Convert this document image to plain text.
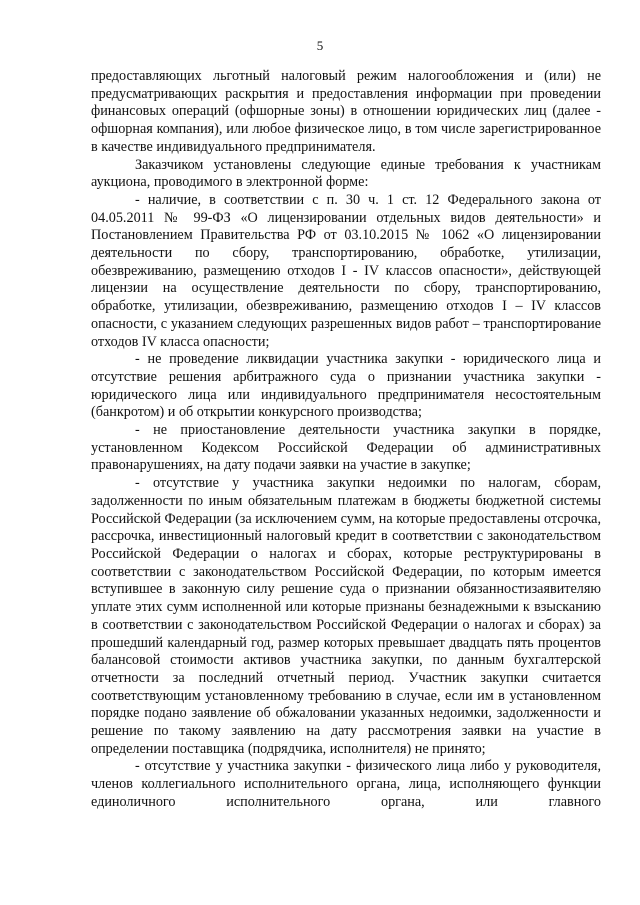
5

предоставляющих льготный налоговый режим налогообложения и (или) не предусматривающих раскрытия и предоставления информации при проведении финансовых операций (офшорные зоны) в отношении юридических лиц (далее - офшорная компания), или любое физическое лицо, в том числе зарегистрированное в качестве индивидуального предпринимателя.

Заказчиком установлены следующие единые требования к участникам аукциона, проводимого в электронной форме:

- наличие, в соответствии с п. 30 ч. 1 ст. 12 Федерального закона от 04.05.2011 № 99-ФЗ «О лицензировании отдельных видов деятельности» и Постановлением Правительства РФ от 03.10.2015 № 1062 «О лицензировании деятельности по сбору, транспортированию, обработке, утилизации, обезвреживанию, размещению отходов I - IV классов опасности», действующей лицензии на осуществление деятельности по сбору, транспортированию, обработке, утилизации, обезвреживанию, размещению отходов I – IV классов опасности, с указанием следующих разрешенных видов работ – транспортирование отходов IV класса опасности;

- не проведение ликвидации участника закупки - юридического лица и отсутствие решения арбитражного суда о признании участника закупки - юридического лица или индивидуального предпринимателя несостоятельным (банкротом) и об открытии конкурсного производства;

- не приостановление деятельности участника закупки в порядке, установленном Кодексом Российской Федерации об административных правонарушениях, на дату подачи заявки на участие в закупке;

- отсутствие у участника закупки недоимки по налогам, сборам, задолженности по иным обязательным платежам в бюджеты бюджетной системы Российской Федерации (за исключением сумм, на которые предоставлены отсрочка, рассрочка, инвестиционный налоговый кредит в соответствии с законодательством Российской Федерации о налогах и сборах, которые реструктурированы в соответствии с законодательством Российской Федерации, по которым имеется вступившее в законную силу решение суда о признании обязанностизаявителяю уплате этих сумм исполненной или которые признаны безнадежными к взысканию в соответствии с законодательством Российской Федерации о налогах и сборах) за прошедший календарный год, размер которых превышает двадцать пять процентов балансовой стоимости активов участника закупки, по данным бухгалтерской отчетности за последний отчетный период. Участник закупки считается соответствующим установленному требованию в случае, если им в установленном порядке подано заявление об обжаловании указанных недоимки, задолженности и решение по такому заявлению на дату рассмотрения заявки на участие в определении поставщика (подрядчика, исполнителя) не принято;

- отсутствие у участника закупки - физического лица либо у руководителя, членов коллегиального исполнительного органа, лица, исполняющего функции единоличного исполнительного органа, или главного
